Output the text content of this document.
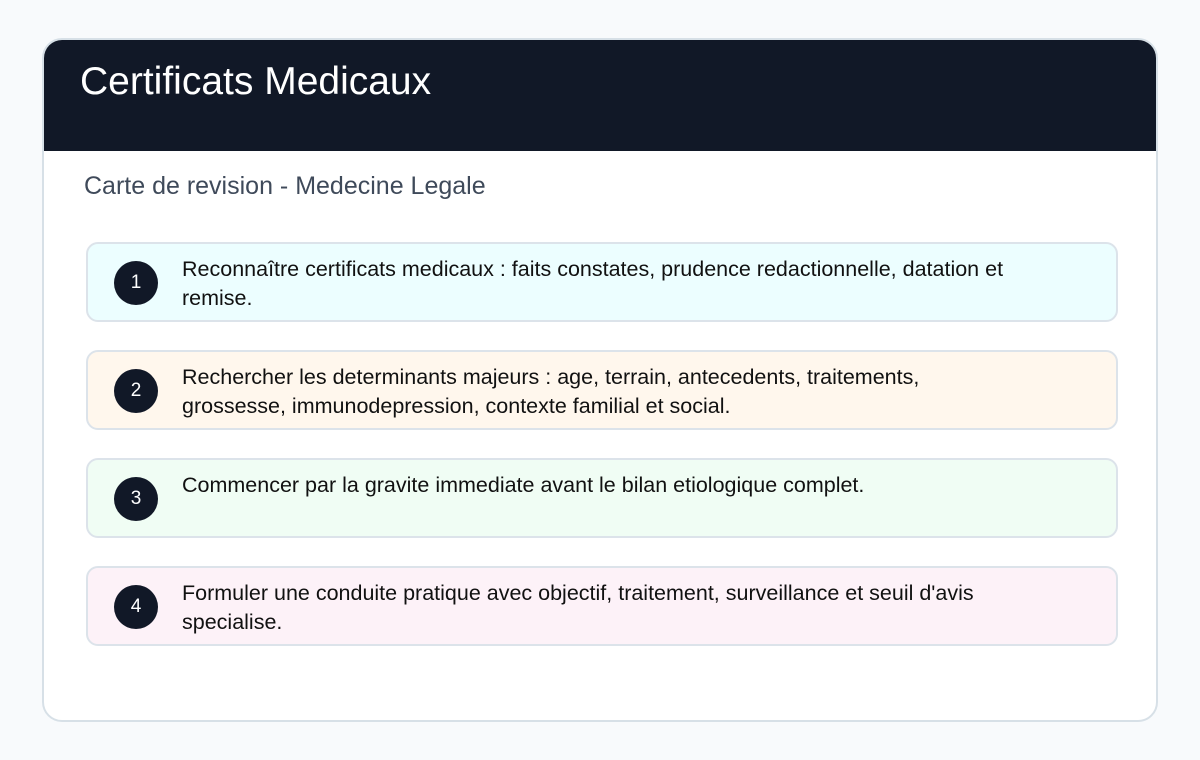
Certificats Medicaux
Carte de revision - Medecine Legale
1
Reconnaître certificats medicaux : faits constates, prudence redactionnelle, datation et remise.
2
Rechercher les determinants majeurs : age, terrain, antecedents, traitements, grossesse, immunodepression, contexte familial et social.
3
Commencer par la gravite immediate avant le bilan etiologique complet.
4
Formuler une conduite pratique avec objectif, traitement, surveillance et seuil d'avis specialise.
